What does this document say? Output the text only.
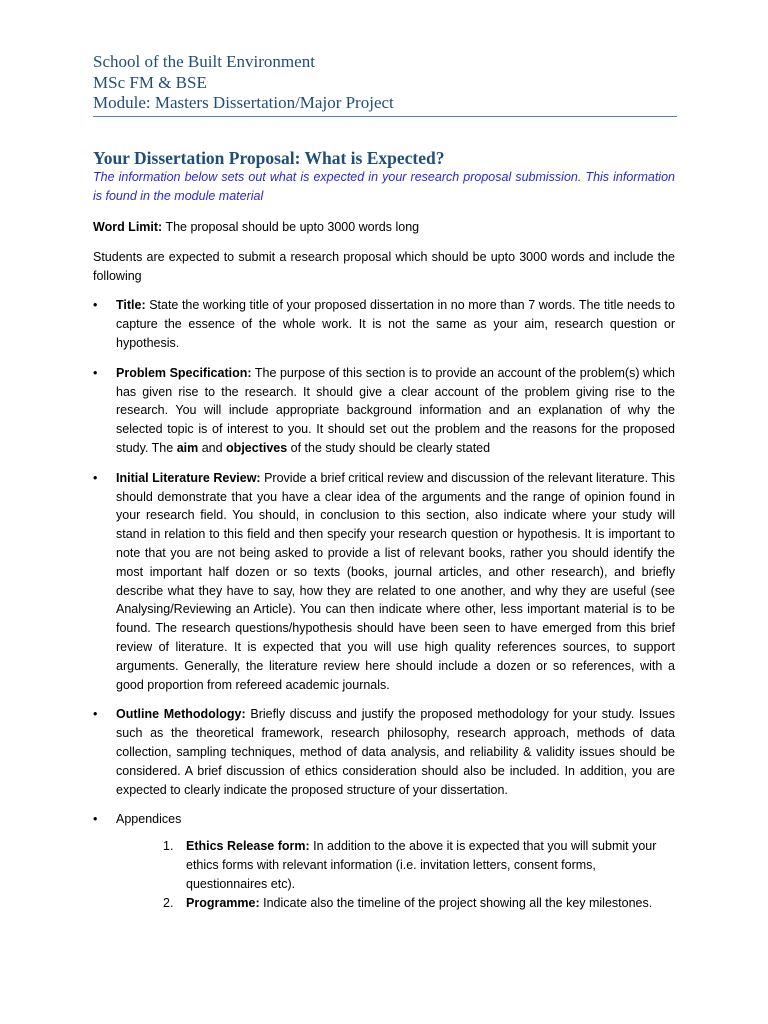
School of the Built Environment
MSc FM & BSE
Module: Masters Dissertation/Major Project
Your Dissertation Proposal: What is Expected?

The information below sets out what is expected in your research proposal submission. This information is found in the module material

Word Limit: The proposal should be upto 3000 words long

Students are expected to submit a research proposal which should be upto 3000 words and include the following

• Title: State the working title of your proposed dissertation in no more than 7 words. The title needs to capture the essence of the whole work. It is not the same as your aim, research question or hypothesis.
• Problem Specification: The purpose of this section is to provide an account of the problem(s) which has given rise to the research. It should give a clear account of the problem giving rise to the research. You will include appropriate background information and an explanation of why the selected topic is of interest to you. It should set out the problem and the reasons for the proposed study. The aim and objectives of the study should be clearly stated
• Initial Literature Review: Provide a brief critical review and discussion of the relevant literature. This should demonstrate that you have a clear idea of the arguments and the range of opinion found in your research field. You should, in conclusion to this section, also indicate where your study will stand in relation to this field and then specify your research question or hypothesis. It is important to note that you are not being asked to provide a list of relevant books, rather you should identify the most important half dozen or so texts (books, journal articles, and other research), and briefly describe what they have to say, how they are related to one another, and why they are useful (see Analysing/Reviewing an Article). You can then indicate where other, less important material is to be found. The research questions/hypothesis should have been seen to have emerged from this brief review of literature. It is expected that you will use high quality references sources, to support arguments. Generally, the literature review here should include a dozen or so references, with a good proportion from refereed academic journals.
• Outline Methodology: Briefly discuss and justify the proposed methodology for your study. Issues such as the theoretical framework, research philosophy, research approach, methods of data collection, sampling techniques, method of data analysis, and reliability & validity issues should be considered. A brief discussion of ethics consideration should also be included. In addition, you are expected to clearly indicate the proposed structure of your dissertation.
• Appendices
1. Ethics Release form: In addition to the above it is expected that you will submit your ethics forms with relevant information (i.e. invitation letters, consent forms, questionnaires etc).
2. Programme: Indicate also the timeline of the project showing all the key milestones.
